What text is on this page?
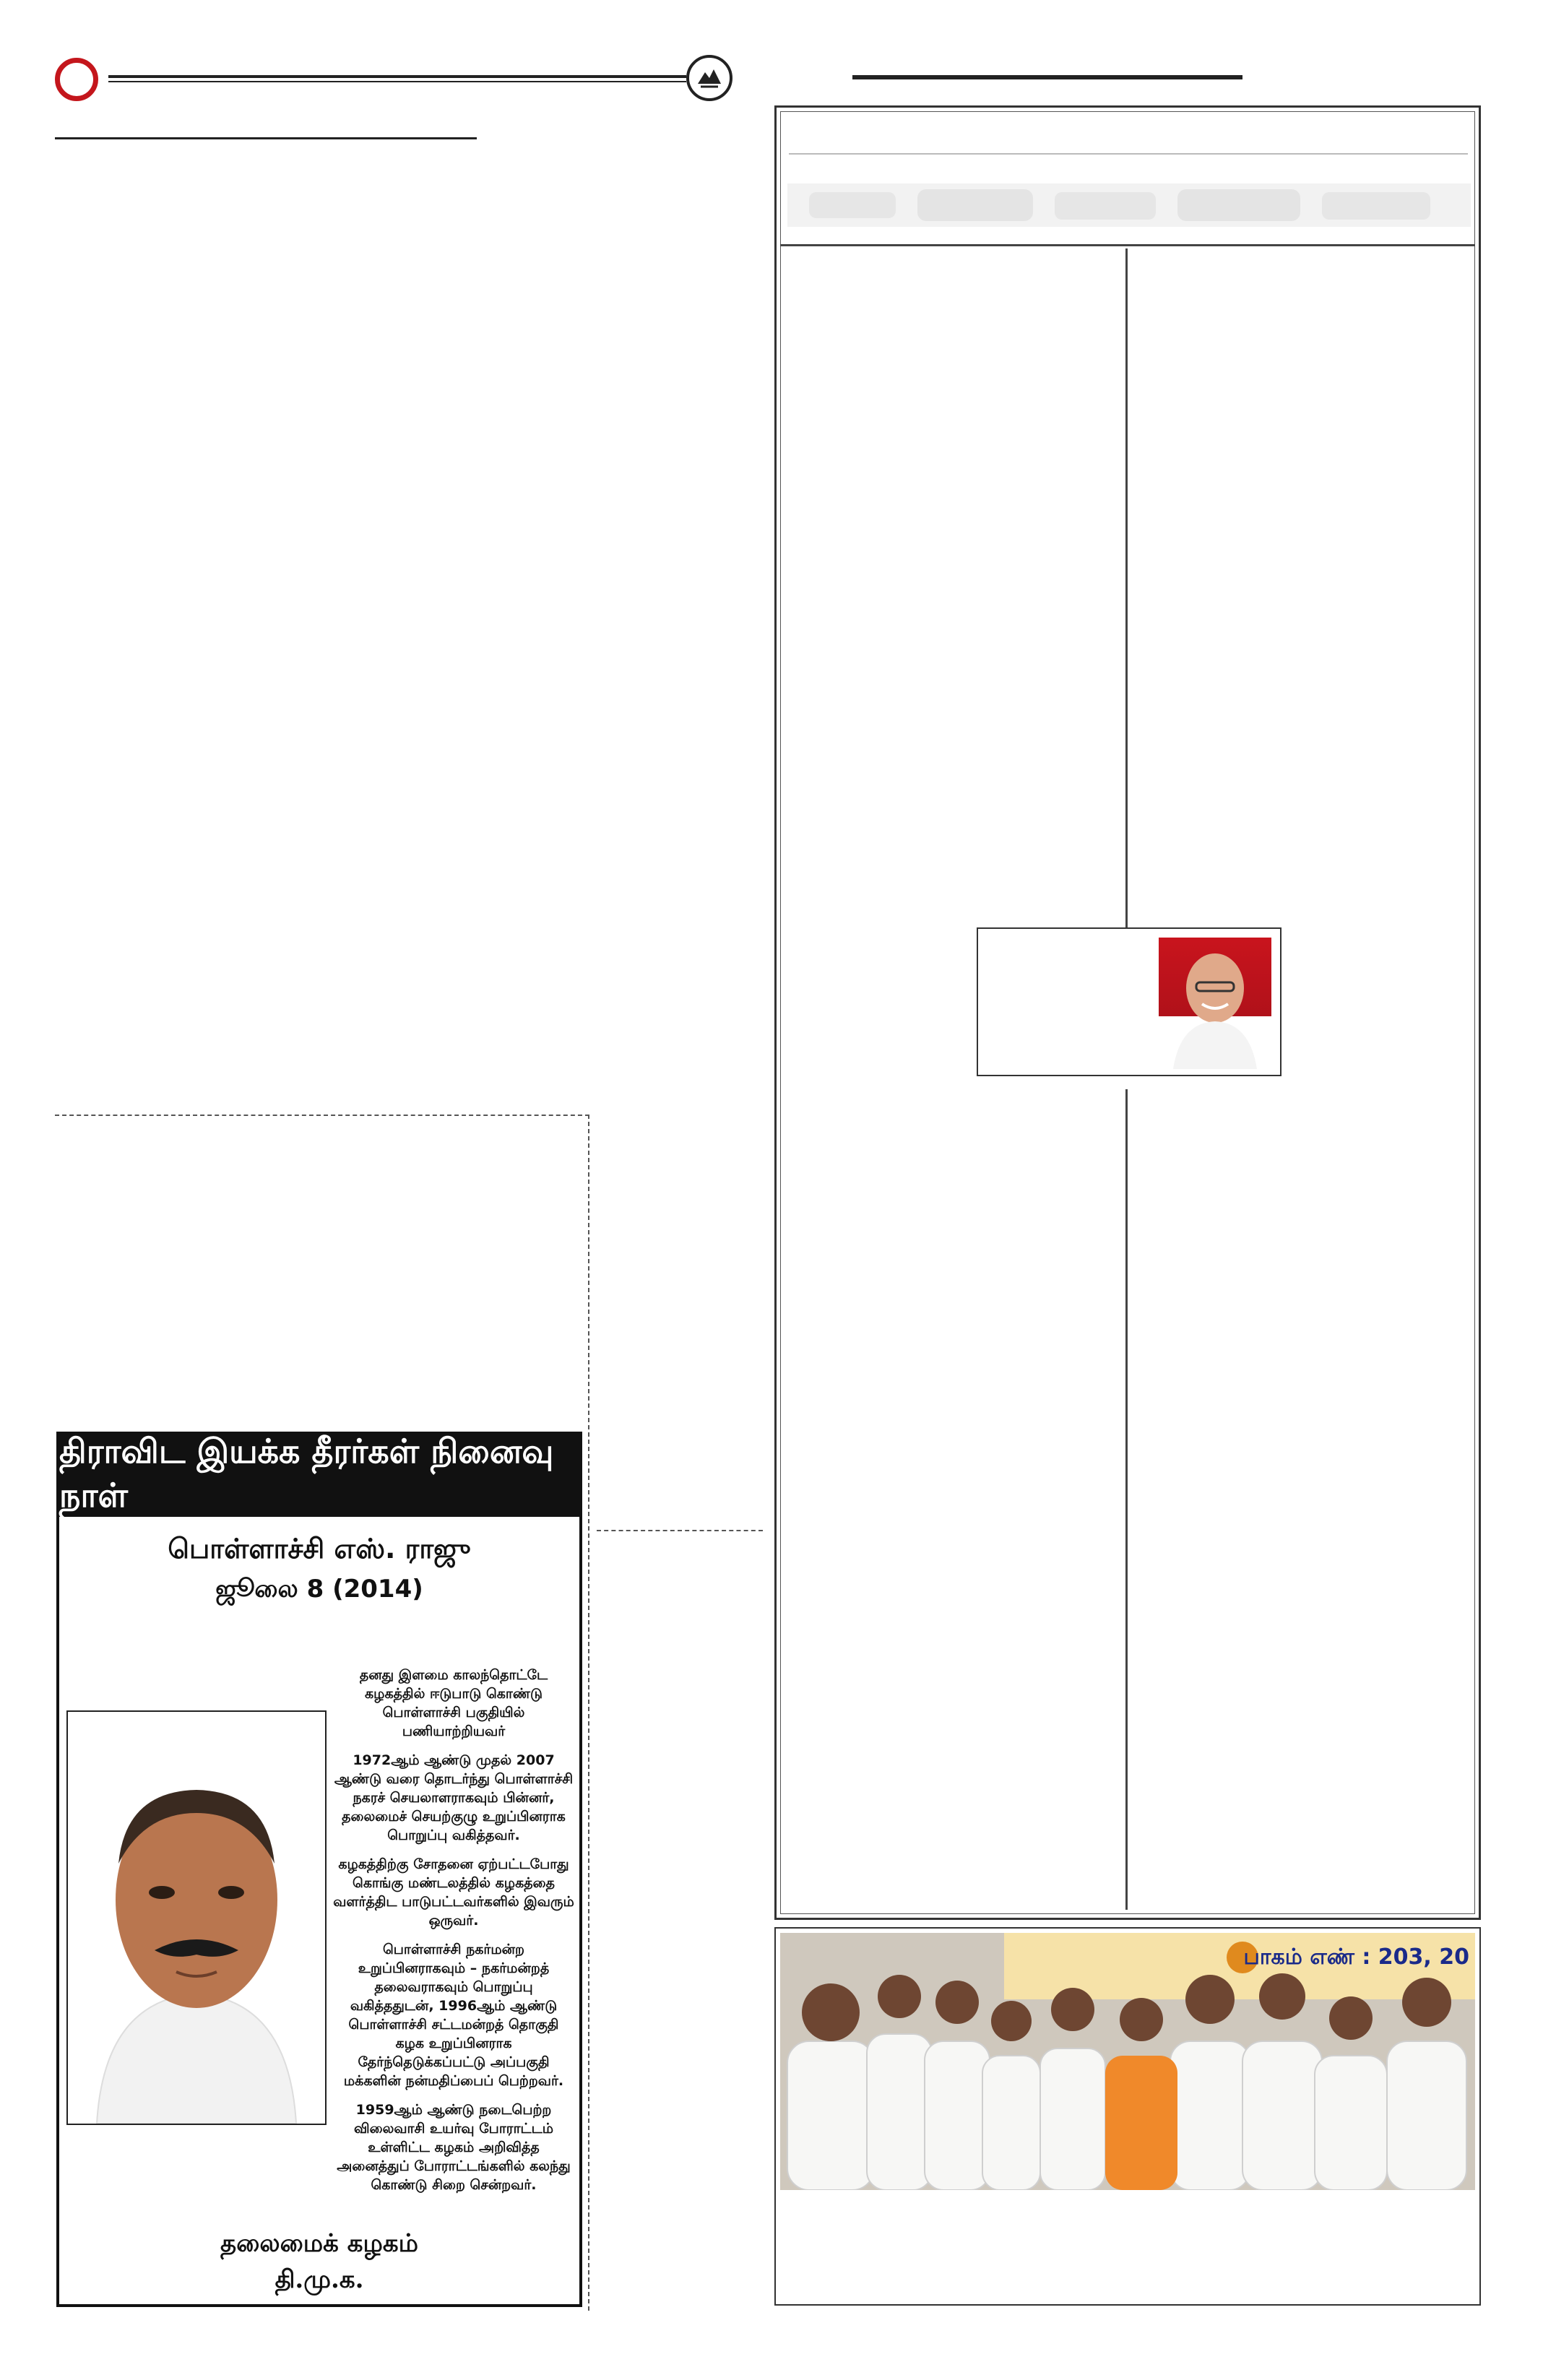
திராவிட இயக்க தீரர்கள் நினைவு நாள்
பொள்ளாச்சி எஸ். ராஜு
ஜூலை 8 (2014)

தனது இளமை காலந்தொட்டே கழகத்தில் ஈடுபாடு கொண்டு பொள்ளாச்சி பகுதியில் பணியாற்றியவர்

1972ஆம் ஆண்டு முதல் 2007 ஆண்டு வரை தொடர்ந்து பொள்ளாச்சி நகரச் செயலாளராகவும் பின்னர், தலைமைச் செயற்குழு உறுப்பினராக பொறுப்பு வகித்தவர்.

கழகத்திற்கு சோதனை ஏற்பட்டபோது கொங்கு மண்டலத்தில் கழகத்தை வளர்த்திட பாடுபட்டவர்களில் இவரும் ஒருவர்.

பொள்ளாச்சி நகர்மன்ற உறுப்பினராகவும் – நகர்மன்றத் தலைவராகவும் பொறுப்பு வகித்ததுடன், 1996ஆம் ஆண்டு பொள்ளாச்சி சட்டமன்றத் தொகுதி கழக உறுப்பினராக தேர்ந்தெடுக்கப்பட்டு அப்பகுதி மக்களின் நன்மதிப்பைப் பெற்றவர்.

1959ஆம் ஆண்டு நடைபெற்ற விலைவாசி உயர்வு போராட்டம் உள்ளிட்ட கழகம் அறிவித்த அனைத்துப் போராட்டங்களில் கலந்து கொண்டு சிறை சென்றவர்.

தலைமைக் கழகம்
தி.மு.க.
பாகம் எண் : 203, 20
